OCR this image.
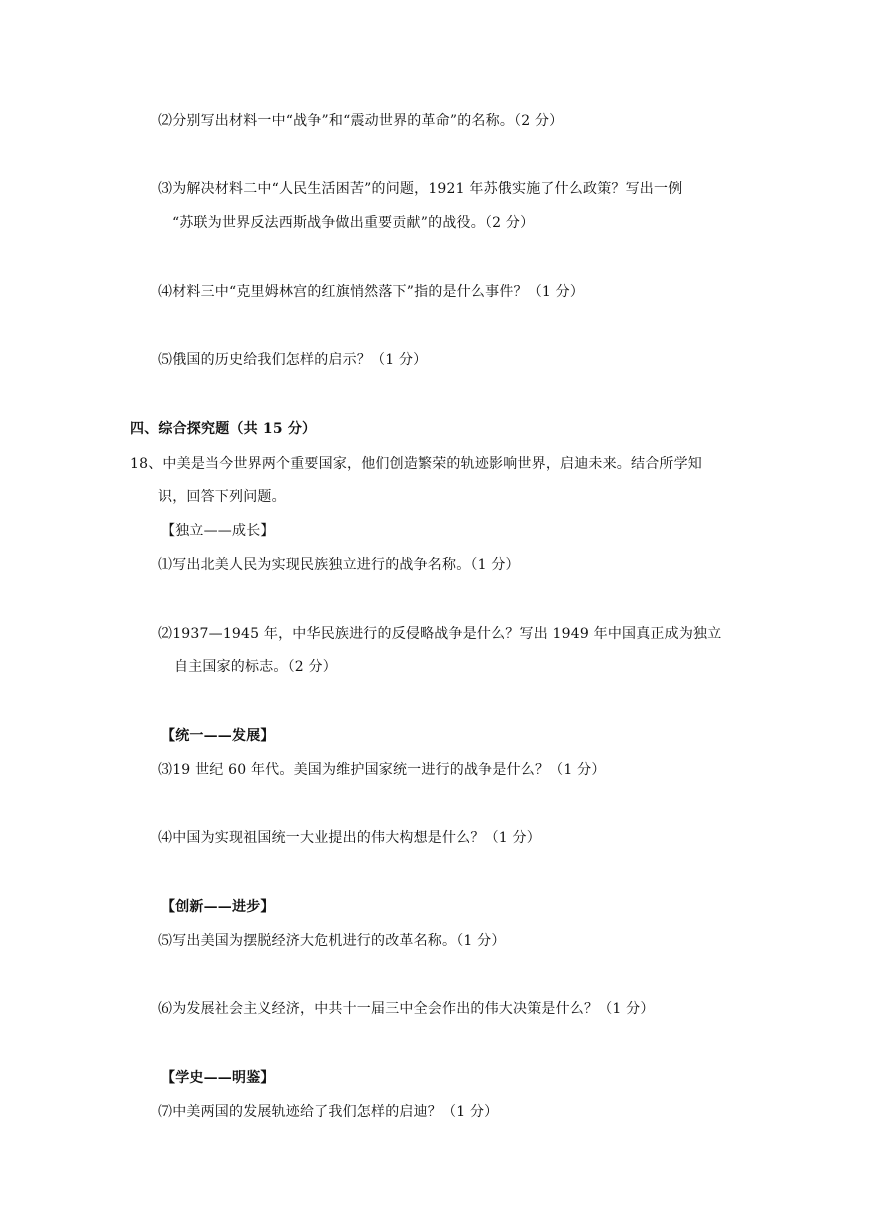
⑵分别写出材料一中“战争”和“震动世界的革命”的名称。（2 分）
⑶为解决材料二中“人民生活困苦”的问题，1921 年苏俄实施了什么政策？写出一例
“苏联为世界反法西斯战争做出重要贡献”的战役。（2 分）
⑷材料三中“克里姆林宫的红旗悄然落下”指的是什么事件？（1 分）
⑸俄国的历史给我们怎样的启示？（1 分）
四、综合探究题（共 15 分）
18、中美是当今世界两个重要国家，他们创造繁荣的轨迹影响世界，启迪未来。结合所学知
识，回答下列问题。
【独立——成长】
⑴写出北美人民为实现民族独立进行的战争名称。（1 分）
⑵1937—1945 年，中华民族进行的反侵略战争是什么？写出 1949 年中国真正成为独立
自主国家的标志。（2 分）
【统一——发展】
⑶19 世纪 60 年代。美国为维护国家统一进行的战争是什么？（1 分）
⑷中国为实现祖国统一大业提出的伟大构想是什么？（1 分）
【创新——进步】
⑸写出美国为摆脱经济大危机进行的改革名称。（1 分）
⑹为发展社会主义经济，中共十一届三中全会作出的伟大决策是什么？（1 分）
【学史——明鉴】
⑺中美两国的发展轨迹给了我们怎样的启迪？（1 分）
